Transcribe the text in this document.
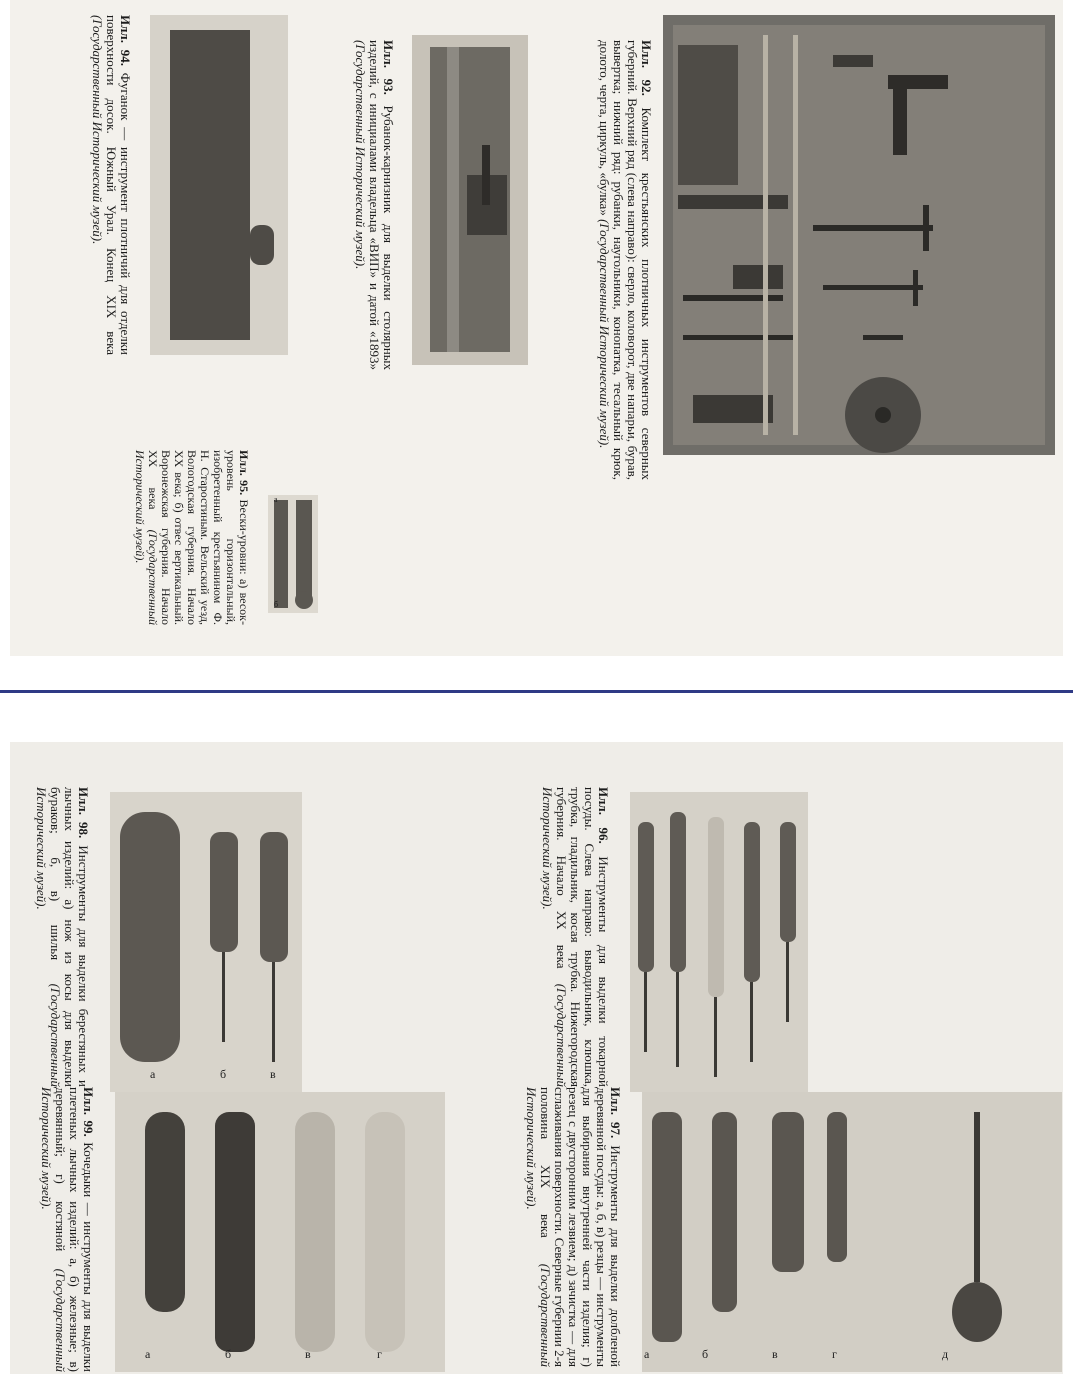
Илл. 92. Комплект крестьянских плотничных инструментов северных губерний. Верхний ряд (слева направо): сверло, коловорот, две напарьи, бурав, вывертка; нижний ряд: рубанки, наугольники, конопатка, тесальный крюк, долото, черта, циркуль, «булка» (Государственный Исторический музей).
Илл. 93. Рубанок-карнизник для выделки столярных изделий, с инициалами владельца «ВИП» и датой «1893» (Государственный Исторический музей).
Илл. 94. Фуганок — инструмент плотничий для отделки поверхности досок. Южный Урал. Конец XIX века (Государственный Исторический музей).
а
б
Илл. 95. Вески-уровни: а) весок-уровень горизонтальный, изобретенный крестьянином Ф. Н. Старостиным. Вельский уезд, Вологодская губерния. Начало XX века; б) отвес вертикальный. Воронежская губерния. Начало XX века (Государственный Исторический музей).
Илл. 96. Инструменты для выделки токарной посуды. Слева направо: выводильник, клюшка, трубка, гладильник, косая трубка. Нижегородская губерния. Начало XX века (Государственный Исторический музей).
а	б	в	г	д
Илл. 97. Инструменты для выделки долбленой деревянной посуды: а, б, в) резцы — инструменты для выбирания внутренней части изделия; г) резец с двусторонним лезвием; д) зачистка — для сглаживания поверхности. Северные губернии 2-я половина XIX века (Государственный Исторический музей).
а	б	в
Илл. 98. Инструменты для выделки берестяных и лычных изделий: а) нож из косы для выделки бураков; б, в) шилья (Государственный Исторический музей).
а	б	в	г
Илл. 99. Кочедыки — инструменты для выделки плетеных лычных изделий: а, б) железные; в) деревянный; г) костяной (Государственный Исторический музей).
